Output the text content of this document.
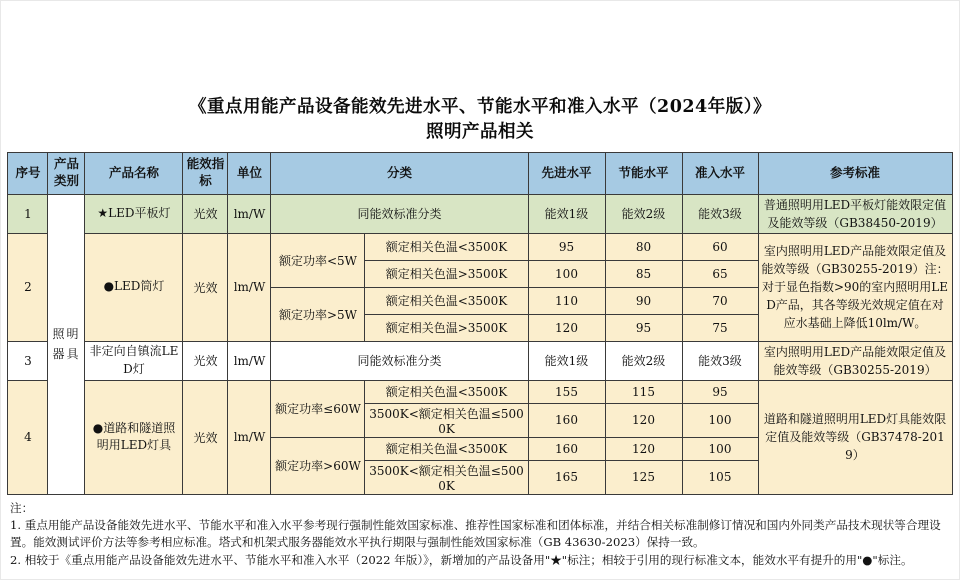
《重点用能产品设备能效先进水平、节能水平和准入水平（2024年版）》
照明产品相关
序号	产品类别	产品名称	能效指标	单位	分类		先进水平	节能水平	准入水平	参考标准
1	照明器具	★LED平板灯	光效	lm/W	同能效标准分类		能效1级	能效2级	能效3级	普通照明用LED平板灯能效限定值及能效等级（GB38450-2019）
2		●LED筒灯	光效	lm/W	额定功率<5W	额定相关色温<3500K	95	80	60	室内照明用LED产品能效限定值及能效等级（GB30255-2019）注：对于显色指数>90的室内照明用LED产品，其各等级光效规定值在对应水基础上降低10lm/W。
						额定相关色温>3500K	100	85	65	
					额定功率>5W	额定相关色温<3500K	110	90	70	
						额定相关色温>3500K	120	95	75	
3		非定向自镇流LED灯	光效	lm/W	同能效标准分类		能效1级	能效2级	能效3级	室内照明用LED产品能效限定值及能效等级（GB30255-2019）
4		●道路和隧道照明用LED灯具	光效	lm/W	额定功率≤60W	额定相关色温<3500K	155	115	95	道路和隧道照明用LED灯具能效限定值及能效等级（GB37478-2019）
						3500K<额定相关色温≤5000K	160	120	100	
					额定功率>60W	额定相关色温<3500K	160	120	100	
						3500K<额定相关色温≤5000K	165	125	105	
注：
1. 重点用能产品设备能效先进水平、节能水平和准入水平参考现行强制性能效国家标准、推荐性国家标准和团体标准，并结合相关标准制修订情况和国内外同类产品技术现状等合理设置。能效测试评价方法等参考相应标准。塔式和机架式服务器能效水平执行期限与强制性能效国家标准（GB 43630-2023）保持一致。
2. 相较于《重点用能产品设备能效先进水平、节能水平和准入水平（2022 年版）》，新增加的产品设备用"★"标注；相较于引用的现行标准文本，能效水平有提升的用"●"标注。
